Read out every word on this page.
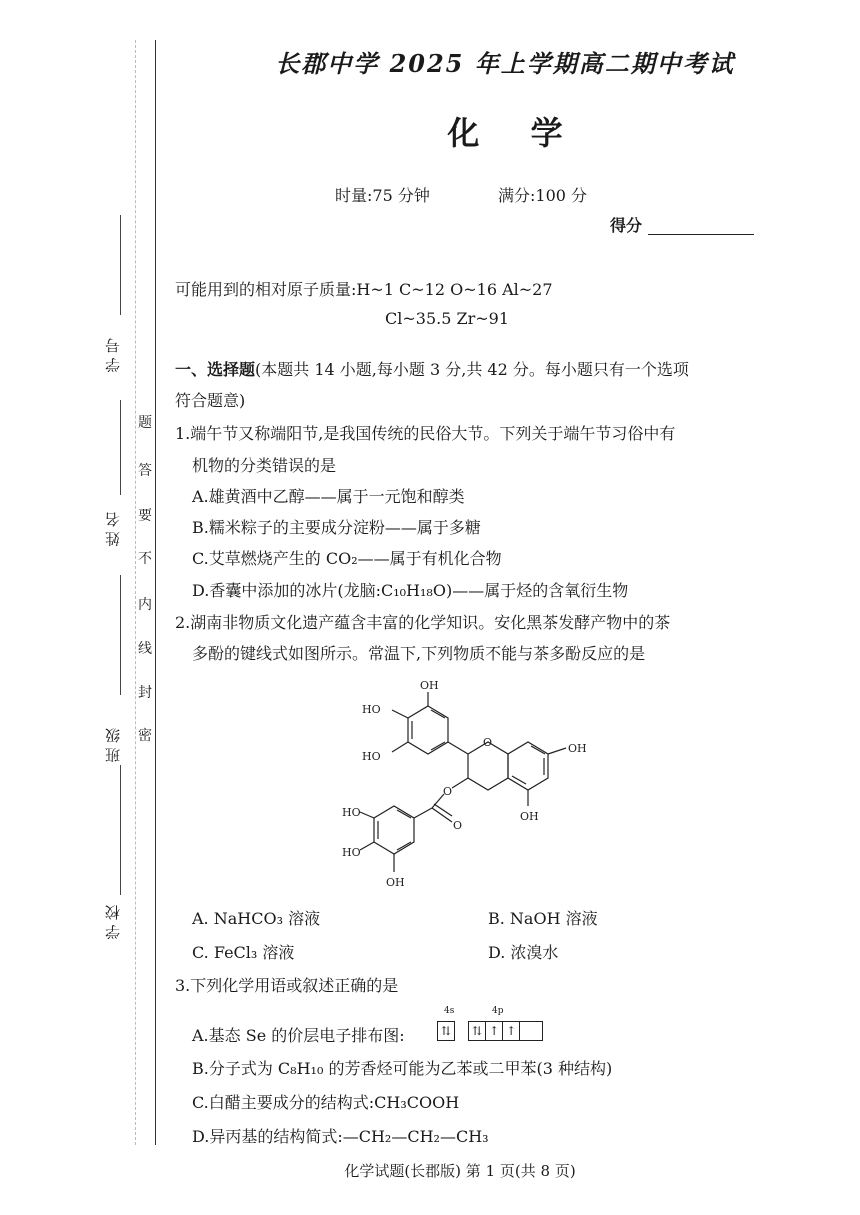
学 号
姓 名
班 级
学 校
题
答
要
不
内
线
封
密
长郡中学 2025 年上学期高二期中考试
化 学
时量:75 分钟	满分:100 分
得分
可能用到的相对原子质量:H~1 C~12 O~16 Al~27
Cl~35.5 Zr~91
一、选择题(本题共 14 小题,每小题 3 分,共 42 分。每小题只有一个选项
符合题意)
1.端午节又称端阳节,是我国传统的民俗大节。下列关于端午节习俗中有
机物的分类错误的是
A.雄黄酒中乙醇——属于一元饱和醇类
B.糯米粽子的主要成分淀粉——属于多糖
C.艾草燃烧产生的 CO₂——属于有机化合物
D.香囊中添加的冰片(龙脑:C₁₀H₁₈O)——属于烃的含氧衍生物
2.湖南非物质文化遗产蕴含丰富的化学知识。安化黑茶发酵产物中的茶
多酚的键线式如图所示。常温下,下列物质不能与茶多酚反应的是
OH
HO
HO
O	OH
OH
O
O
HO
HO
OH
A. NaHCO₃ 溶液	B. NaOH 溶液
C. FeCl₃ 溶液	D. 浓溴水
3.下列化学用语或叙述正确的是
A.基态 Se 的价层电子排布图:
4s	4p
⇅ ⇅ ↑ ↑
B.分子式为 C₈H₁₀ 的芳香烃可能为乙苯或二甲苯(3 种结构)
C.白醋主要成分的结构式:CH₃COOH
D.异丙基的结构简式:—CH₂—CH₂—CH₃
化学试题(长郡版) 第 1 页(共 8 页)
